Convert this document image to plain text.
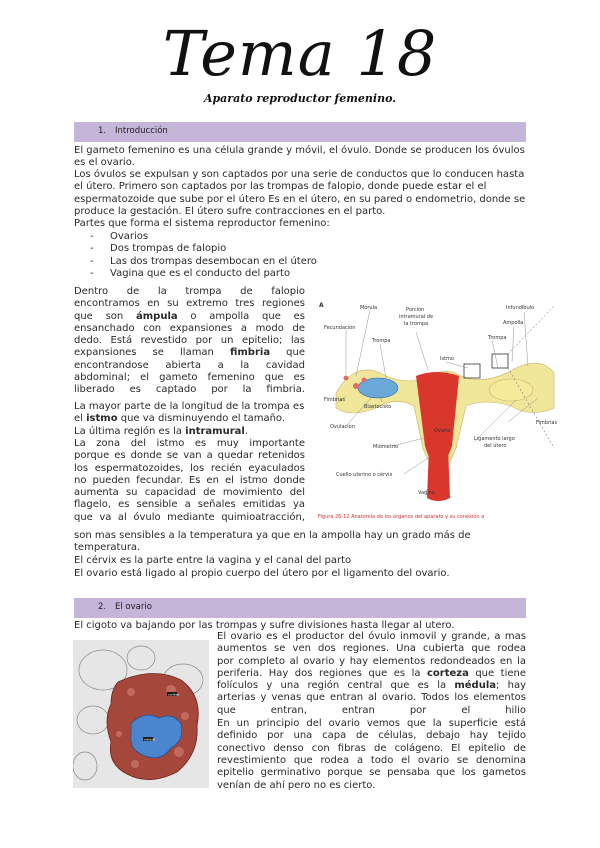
Tema 18
Aparato reproductor femenino.
1. Introducción

El gameto femenino es una célula grande y móvil, el óvulo. Donde se producen los óvulos es el ovario.

Los óvulos se expulsan y son captados por una serie de conductos que lo conducen hasta el útero. Primero son captados por las trompas de falopio, donde puede estar el el espermatozoide que sube por el útero Es en el útero, en su pared o endometrio, donde se produce la gestación. El útero sufre contracciones en el parto.

Partes que forma el sistema reproductor femenino:

- Ovarios
- Dos trompas de falopio
- Las dos trompas desembocan en el útero
- Vagina que es el conducto del parto

Dentro de la trompa de falopio

encontramos en su extremo tres regiones

que son ámpula o ampolla que es

ensanchado con expansiones a modo de

dedo. Está revestido por un epitelio; las

expansiones se llaman fimbria que

encontrandose abierta a la cavidad

abdominal; el gameto femenino que es

liberado es captado por la fimbria.

La mayor parte de la longitud de la trompa es el istmo que va disminuyendo el tamaño.

La última región es la intramural.

La zona del istmo es muy importante

porque es donde se van a quedar retenidos

los espermatozoides, los recién eyaculados

no pueden fecundar. Es en el istmo donde

aumenta su capacidad de movimiento del

flagelo, es sensible a señales emitidas ya

que va al óvulo mediante quimioatracción,

son mas sensibles a la temperatura ya que en la ampolla hay un grado más de temperatura.

El cérvix es la parte entre la vagina y el canal del parto

El ovario está ligado al propio cuerpo del útero por el ligamento del ovario.

A	Mórula
Fecundación
Porción
intramural de
la trompa
Trompa
Infundíbulo
Ampolla
Trompa
Istmo
Fimbrias
Blastocisto
Fimbrias
Ovulación
Ovario
Miometrio
Ligamento largo
del útero
Cuello uterino o cérvix
Vagina
Figura 26-12 Anatomía de los órganos del aparato y su conexión a
2. El ovario

El cigoto va bajando por las trompas y sufre divisiones hasta llegar al utero.

corteza
médula

El ovario es el productor del óvulo inmovil y grande, a mas

aumentos se ven dos regiones. Una cubierta que rodea

por completo al ovario y hay elementos redondeados en la

periferia. Hay dos regiones que es la corteza que tiene

folículos y una región central que es la médula; hay

arterias y venas que entran al ovario. Todos los elementos

que entran, entran por el hilio

En un principio del ovario vemos que la superficie está

definido por una capa de células, debajo hay tejido

conectivo denso con fibras de colágeno. El epitelio de

revestimiento que rodea a todo el ovario se denomina

epitelio germinativo porque se pensaba que los gametos

venían de ahí pero no es cierto.
